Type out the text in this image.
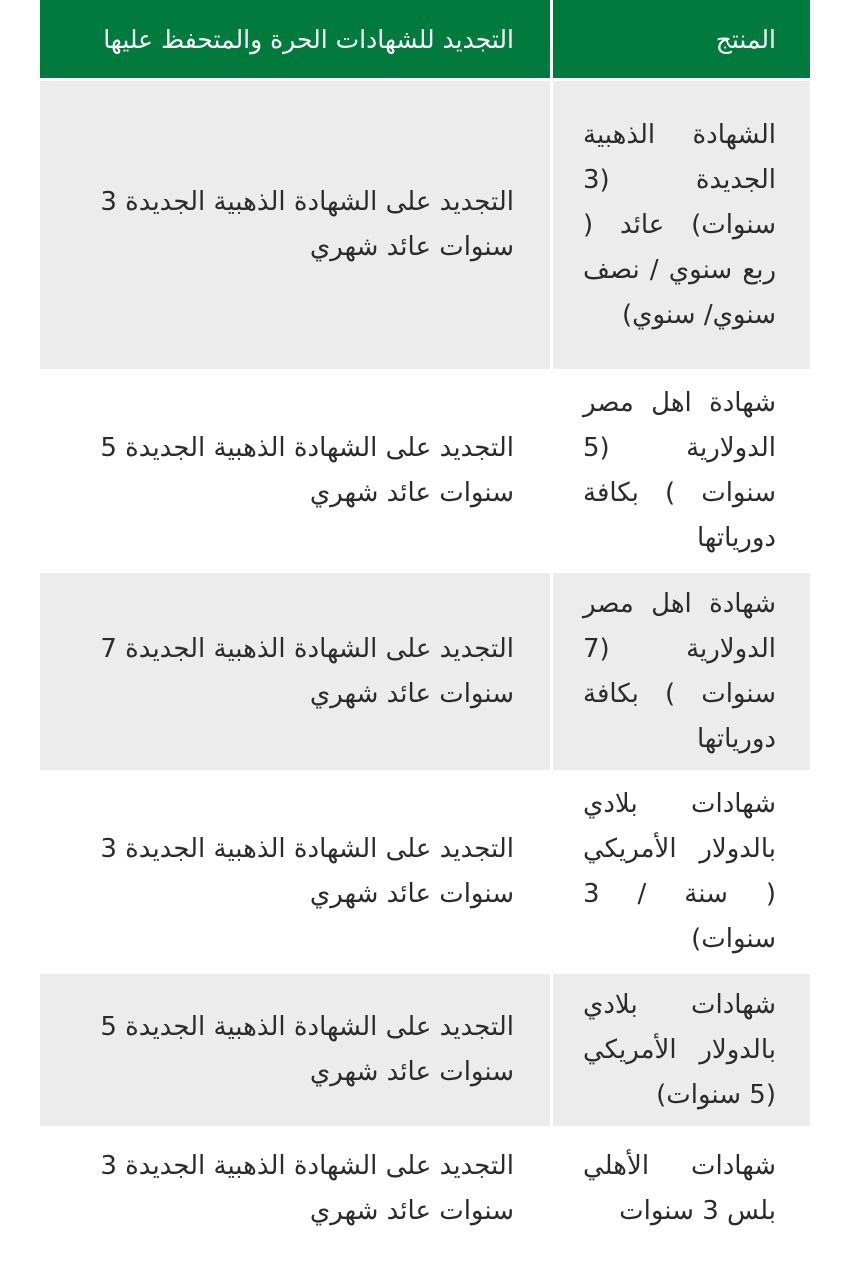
المنتج
التجديد للشهادات الحرة والمتحفظ عليها
الشهادة الذهبية الجديدة (3 سنوات) عائد ( ربع سنوي / نصف سنوي/ سنوي)
التجديد على الشهادة الذهبية الجديدة 3 سنوات عائد شهري
شهادة اهل مصر الدولارية (5 سنوات ) بكافة دورياتها
التجديد على الشهادة الذهبية الجديدة 5 سنوات عائد شهري
شهادة اهل مصر الدولارية (7 سنوات ) بكافة دورياتها
التجديد على الشهادة الذهبية الجديدة 7 سنوات عائد شهري
شهادات بلادي بالدولار الأمريكي ( سنة / 3 سنوات)
التجديد على الشهادة الذهبية الجديدة 3 سنوات عائد شهري
شهادات بلادي بالدولار الأمريكي (5 سنوات)
التجديد على الشهادة الذهبية الجديدة 5 سنوات عائد شهري
شهادات الأهلي بلس 3 سنوات
التجديد على الشهادة الذهبية الجديدة 3 سنوات عائد شهري
